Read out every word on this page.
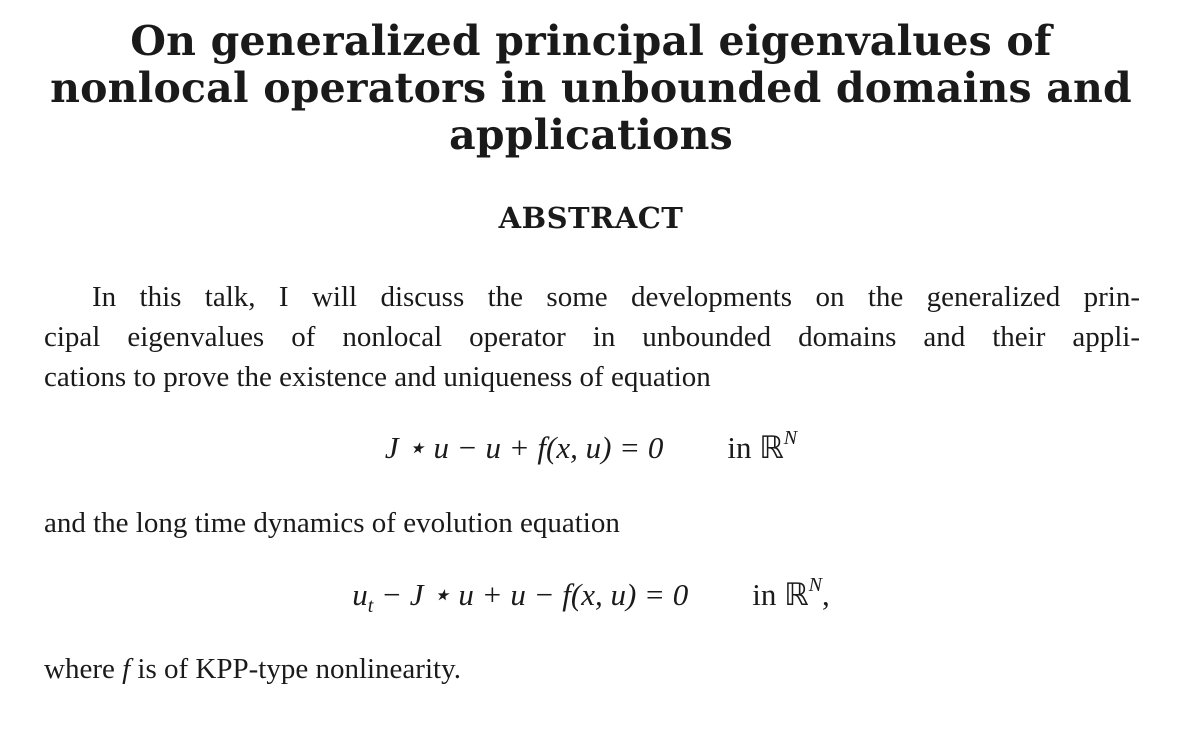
On generalized principal eigenvalues of
nonlocal operators in unbounded domains and
applications
ABSTRACT
In this talk, I will discuss the some developments on the generalized prin-
cipal eigenvalues of nonlocal operator in unbounded domains and their appli-
cations to prove the existence and uniqueness of equation
J ⋆ u − u + f(x, u) = 0 in ℝ$^N$

and the long time dynamics of evolution equation

$u_t - J$ ⋆ u + u − f(x, u) = 0 in ℝ$^N$,

where f is of KPP-type nonlinearity.
